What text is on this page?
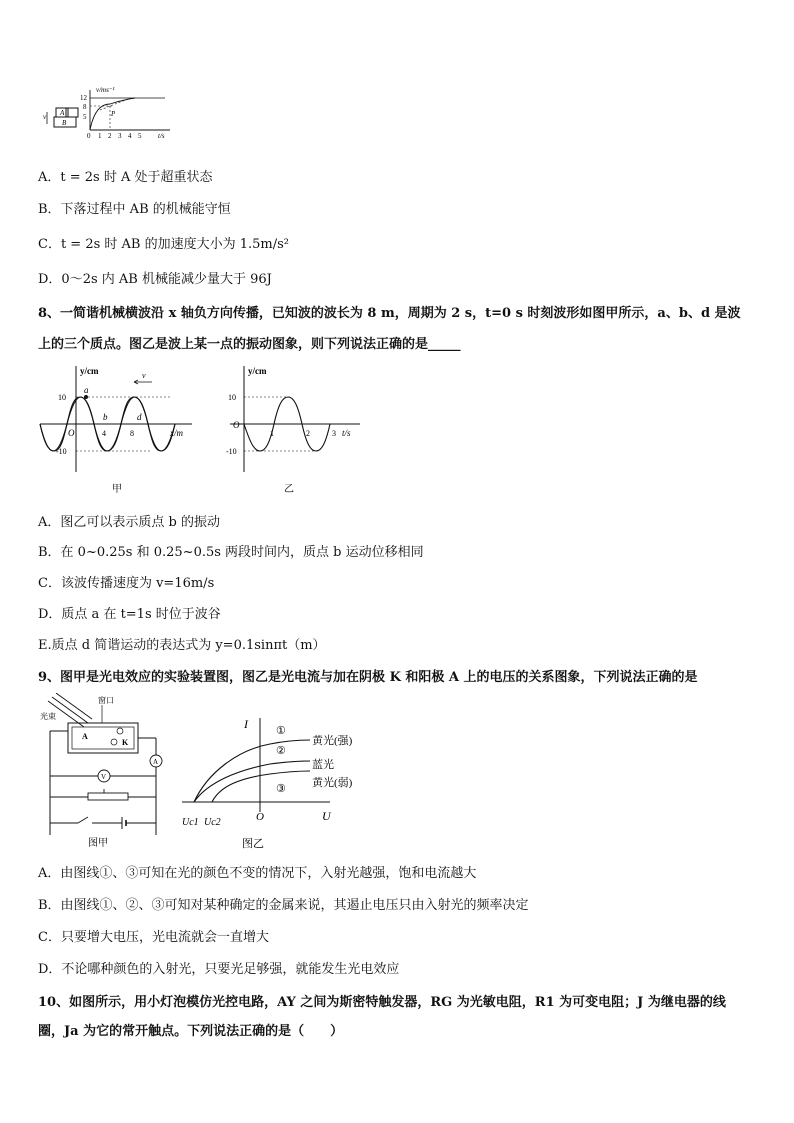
A
B
v
v/ms⁻¹
t/s
12
8
5	P
0 1 2 3 4 5
A．t = 2s 时 A 处于超重状态
B．下落过程中 AB 的机械能守恒
C．t = 2s 时 AB 的加速度大小为 1.5m/s²
D．0～2s 内 AB 机械能减少量大于 96J
8、一简谐机械横波沿 x 轴负方向传播，已知波的波长为 8 m，周期为 2 s，t=0 s 时刻波形如图甲所示，a、b、d 是波
上的三个质点。图乙是波上某一点的振动图象，则下列说法正确的是_____
y/cm
x/m
10
-10
O
a
b	d
4	8
v
甲
y/cm
t/s
10
-10
O
1	2	3
乙
A．图乙可以表示质点 b 的振动
B．在 0~0.25s 和 0.25~0.5s 两段时间内，质点 b 运动位移相同
C．该波传播速度为 v=16m/s
D．质点 a 在 t=1s 时位于波谷
E.质点 d 简谐运动的表达式为 y=0.1sinπt（m）
9、图甲是光电效应的实验装置图，图乙是光电流与加在阴极 K 和阳极 A 上的电压的关系图象，下列说法正确的是
光束
窗口
A
K
A
V
图甲
I
U
O
Uc1 Uc2
①
②
③
黄光(强)
蓝光
黄光(弱)
图乙
A．由图线①、③可知在光的颜色不变的情况下，入射光越强，饱和电流越大
B．由图线①、②、③可知对某种确定的金属来说，其遏止电压只由入射光的频率决定
C．只要增大电压，光电流就会一直增大
D．不论哪种颜色的入射光，只要光足够强，就能发生光电效应
10、如图所示，用小灯泡模仿光控电路，AY 之间为斯密特触发器，RG 为光敏电阻，R1 为可变电阻；J 为继电器的线
圈，Ja 为它的常开触点。下列说法正确的是（　　）
